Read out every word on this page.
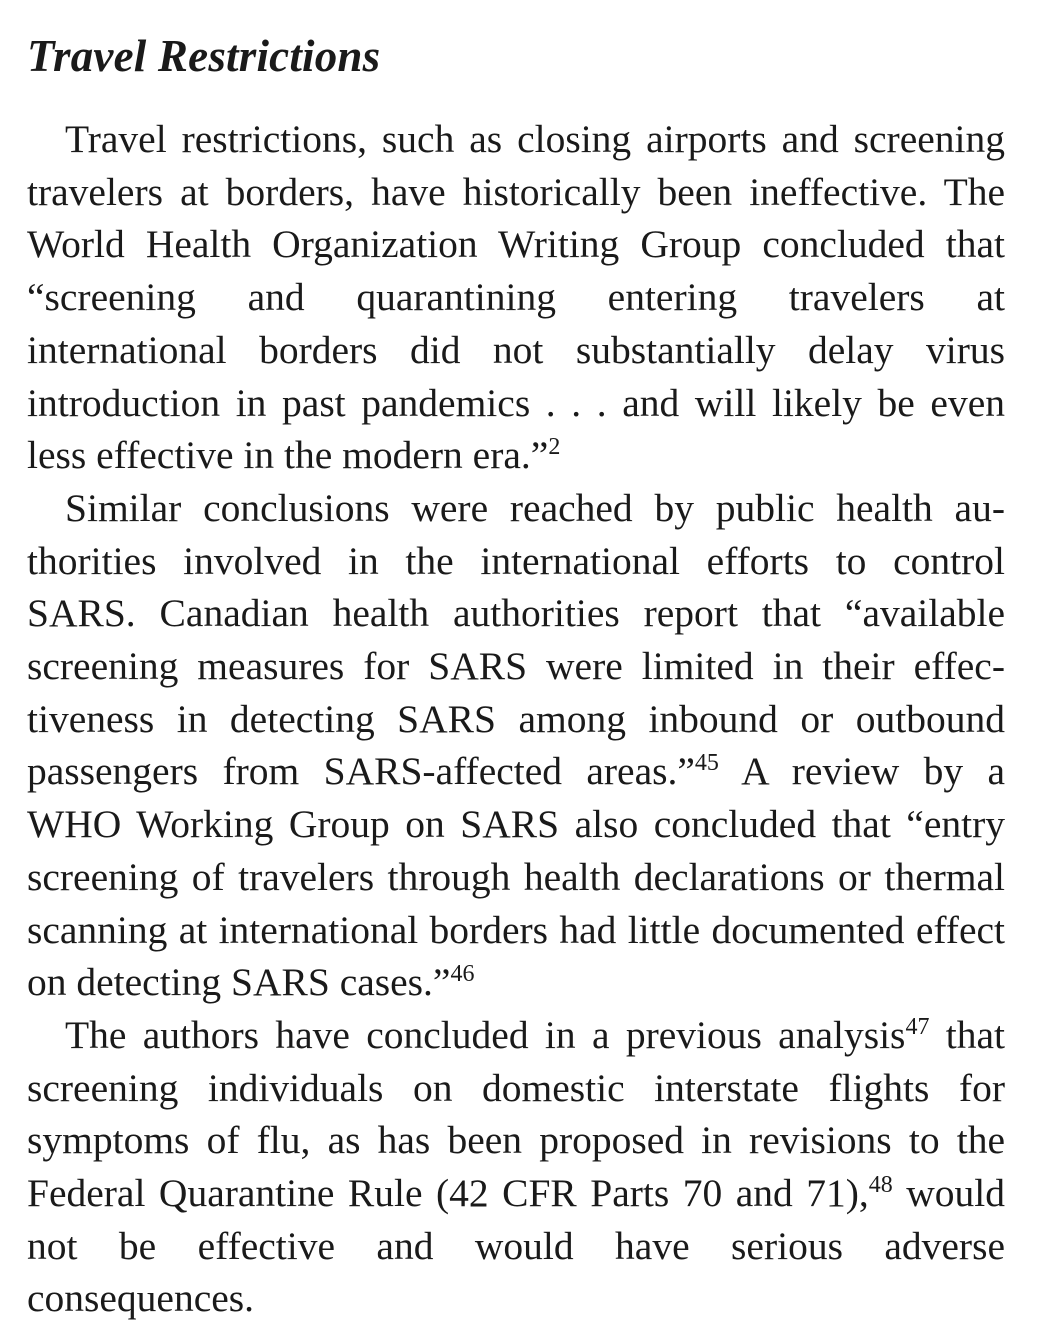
Travel Restrictions

Travel restrictions, such as closing airports and screening travelers at borders, have historically been ineffective. The World Health Organization Writing Group concluded that “screening and quarantining entering travelers at international borders did not substantially delay virus introduction in past pandemics . . . and will likely be even less effective in the modern era.”$^2$

Similar conclusions were reached by public health authorities involved in the international efforts to control SARS. Canadian health authorities report that “available screening measures for SARS were limited in their effectiveness in detecting SARS among inbound or outbound passengers from SARS-affected areas.”$^{45}$ A review by a WHO Working Group on SARS also concluded that “entry screening of travelers through health declarations or thermal scanning at international borders had little documented effect on detecting SARS cases.”$^{46}$

The authors have concluded in a previous analysis$^{47}$ that screening individuals on domestic interstate flights for symptoms of flu, as has been proposed in revisions to the Federal Quarantine Rule (42 CFR Parts 70 and 71),$^{48}$ would not be effective and would have serious adverse consequences.
